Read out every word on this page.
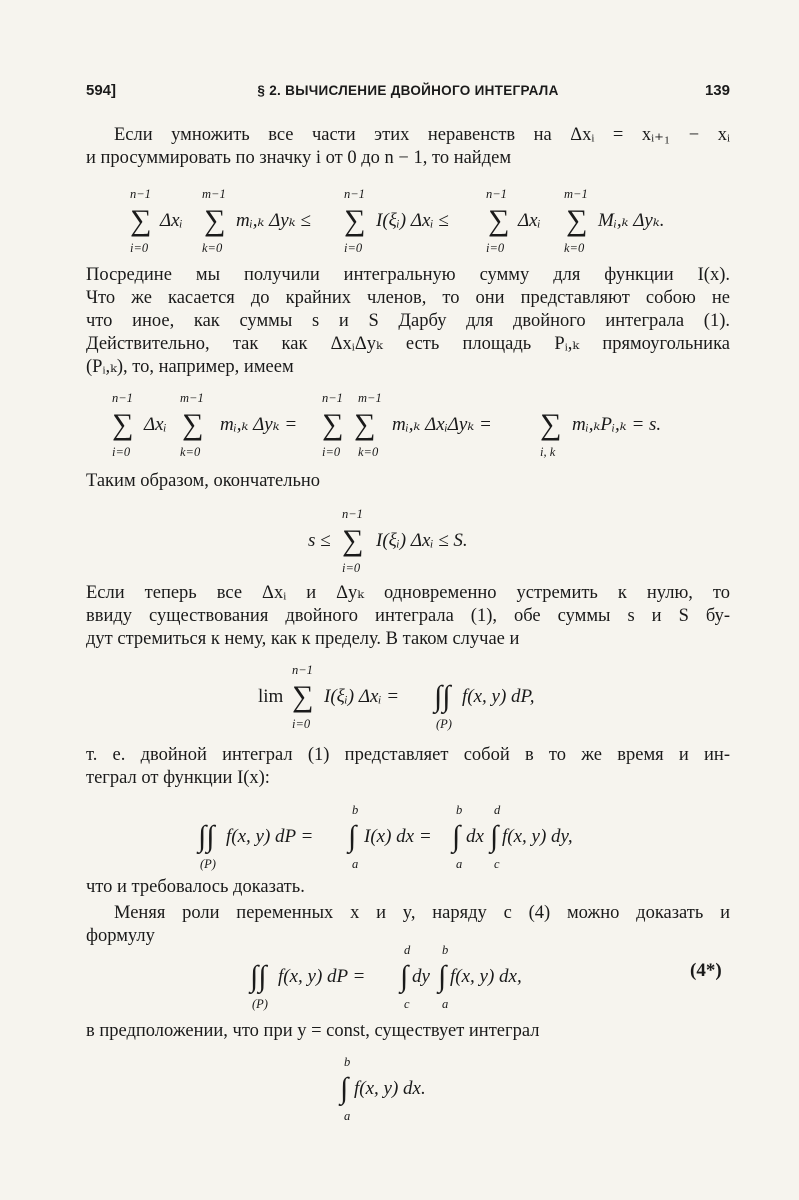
594]	§ 2. ВЫЧИСЛЕНИЕ ДВОЙНОГО ИНТЕГРАЛА	139
Если умножить все части этих неравенств на Δxᵢ = xᵢ₊₁ − xᵢ
и просуммировать по значку i от 0 до n − 1, то найдем
n−1
∑
i=0
Δxᵢ
m−1
∑
k=0
mᵢ,ₖ Δyₖ ≤
n−1
∑
i=0
I(ξᵢ) Δxᵢ ≤
n−1
∑
i=0
Δxᵢ
m−1
∑
k=0
Mᵢ,ₖ Δyₖ.
Посредине мы получили интегральную сумму для функции I(x).
Что же касается до крайних членов, то они представляют собою не
что иное, как суммы s и S Дарбу для двойного интеграла (1).
Действительно, так как ΔxᵢΔyₖ есть площадь Pᵢ,ₖ прямоугольника
(Pᵢ,ₖ), то, например, имеем
n−1
∑
i=0
Δxᵢ
m−1
∑
k=0
mᵢ,ₖ Δyₖ =
n−1 m−1
∑ ∑
i=0 k=0
mᵢ,ₖ ΔxᵢΔyₖ = ∑
i, k
mᵢ,ₖPᵢ,ₖ = s.
Таким образом, окончательно
s ≤
n−1
∑
i=0
I(ξᵢ) Δxᵢ ≤ S.
Если теперь все Δxᵢ и Δyₖ одновременно устремить к нулю, то
ввиду существования двойного интеграла (1), обе суммы s и S бу-
дут стремиться к нему, как к пределу. В таком случае и
lim
n−1
∑
i=0
I(ξᵢ) Δxᵢ = ∫∫
(P)
f(x, y) dP,
т. е. двойной интеграл (1) представляет собой в то же время и ин-
теграл от функции I(x):
∫∫
(P)
f(x, y) dP =
b
∫
a
I(x) dx =
b
∫
a
dx
d
∫
c
f(x, y) dy,
что и требовалось доказать.
Меняя роли переменных x и y, наряду с (4) можно доказать и
формулу
∫∫
(P)
f(x, y) dP =
d
∫
c
dy
b
∫
a
f(x, y) dx,	(4*)
в предположении, что при y = const, существует интеграл
b
∫
a
f(x, y) dx.
